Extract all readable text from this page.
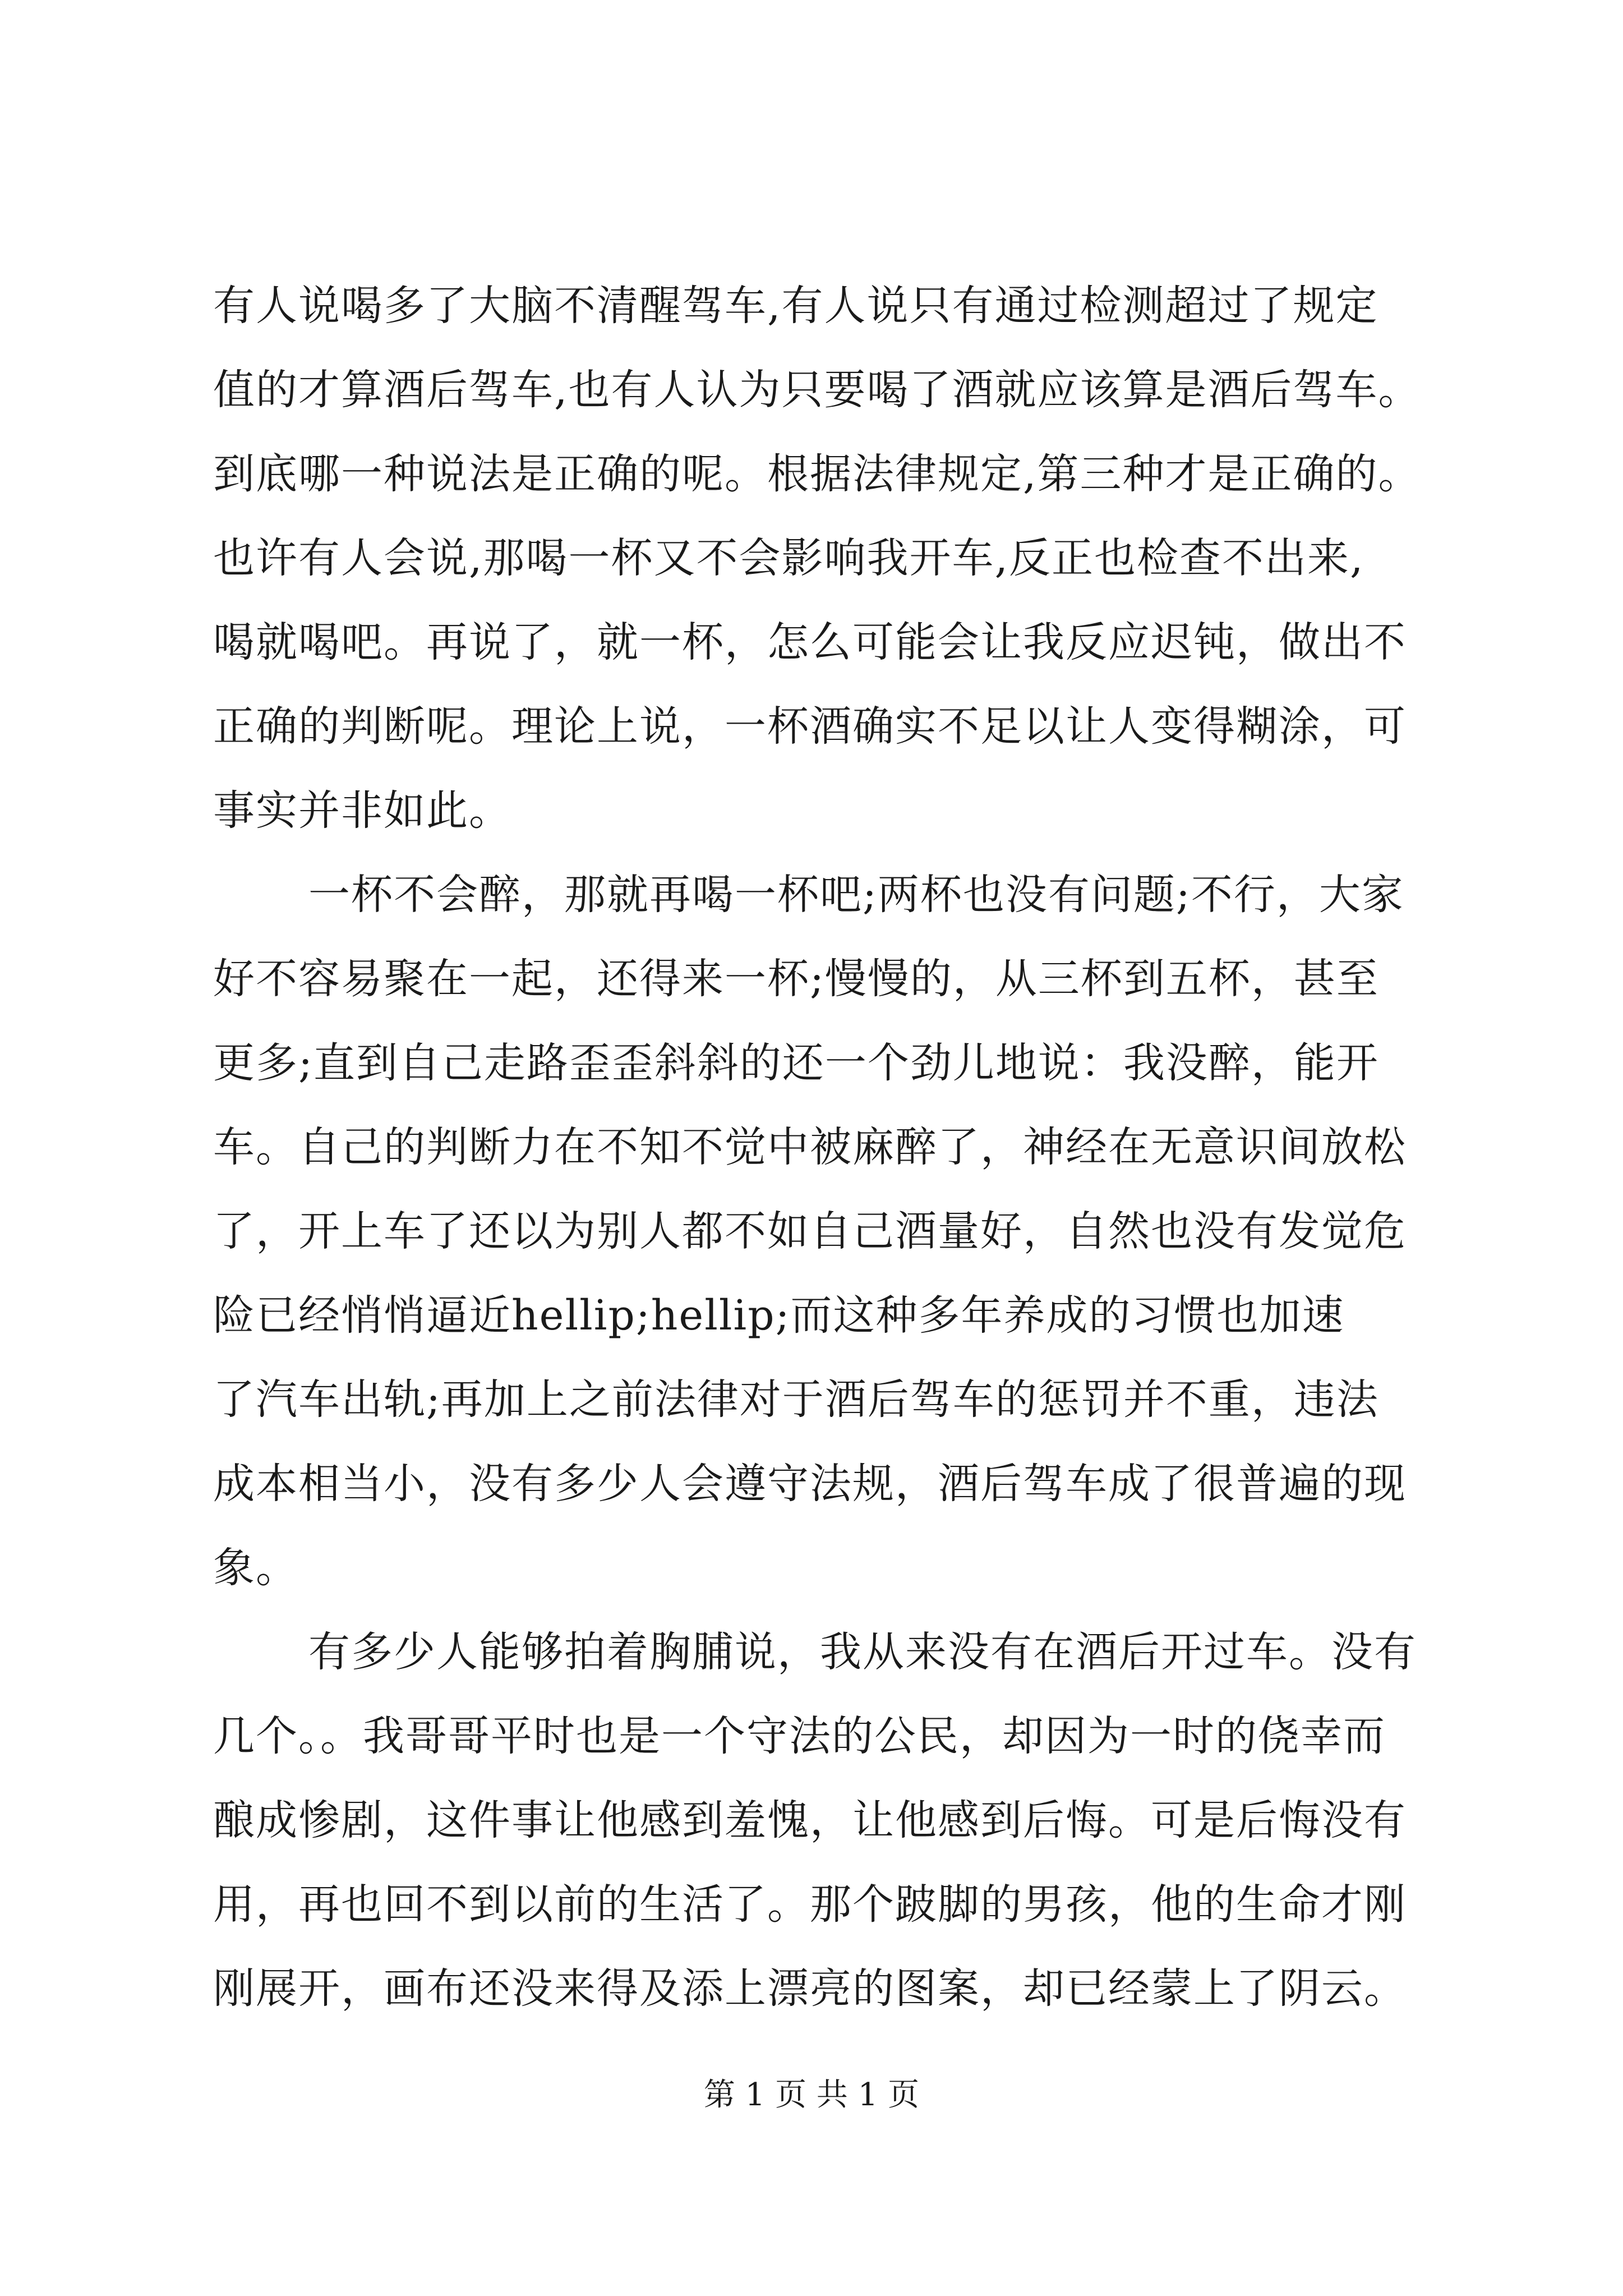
有人说喝多了大脑不清醒驾车,有人说只有通过检测超过了规定
值的才算酒后驾车,也有人认为只要喝了酒就应该算是酒后驾车。
到底哪一种说法是正确的呢。根据法律规定,第三种才是正确的。
也许有人会说,那喝一杯又不会影响我开车,反正也检查不出来,
喝就喝吧。再说了，就一杯，怎么可能会让我反应迟钝，做出不
正确的判断呢。理论上说，一杯酒确实不足以让人变得糊涂，可
事实并非如此。
一杯不会醉，那就再喝一杯吧;两杯也没有问题;不行，大家
好不容易聚在一起，还得来一杯;慢慢的，从三杯到五杯，甚至
更多;直到自己走路歪歪斜斜的还一个劲儿地说：我没醉，能开
车。自己的判断力在不知不觉中被麻醉了，神经在无意识间放松
了，开上车了还以为别人都不如自己酒量好，自然也没有发觉危
险已经悄悄逼近hellip;hellip;而这种多年养成的习惯也加速
了汽车出轨;再加上之前法律对于酒后驾车的惩罚并不重，违法
成本相当小，没有多少人会遵守法规，酒后驾车成了很普遍的现
象。
有多少人能够拍着胸脯说，我从来没有在酒后开过车。没有
几个。。我哥哥平时也是一个守法的公民，却因为一时的侥幸而
酿成惨剧，这件事让他感到羞愧，让他感到后悔。可是后悔没有
用，再也回不到以前的生活了。那个跛脚的男孩，他的生命才刚
刚展开，画布还没来得及添上漂亮的图案，却已经蒙上了阴云。
第 1 页 共 1 页
